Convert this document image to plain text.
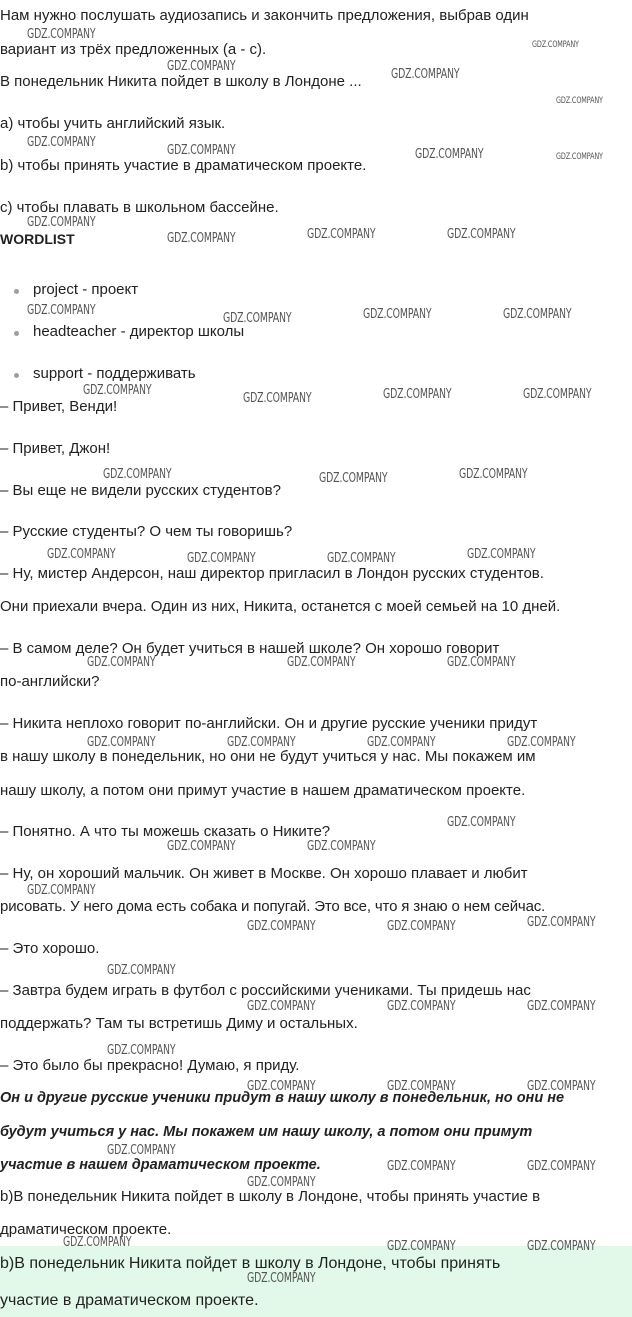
Нам нужно послушать аудиозапись и закончить предложения, выбрав один
вариант из трёх предложенных (а - с).
В понедельник Никита пойдет в школу в Лондоне ...
a) чтобы учить английский язык.
b) чтобы принять участие в драматическом проекте.
c) чтобы плавать в школьном бассейне.
WORDLIST
project - проект
headteacher - директор школы
support - поддерживать
– Привет, Венди!
– Привет, Джон!
– Вы еще не видели русских студентов?
– Русские студенты? О чем ты говоришь?
– Ну, мистер Андерсон, наш директор пригласил в Лондон русских студентов.
Они приехали вчера. Один из них, Никита, останется с моей семьей на 10 дней.
– В самом деле? Он будет учиться в нашей школе? Он хорошо говорит
по-английски?
– Никита неплохо говорит по-английски. Он и другие русские ученики придут
в нашу школу в понедельник, но они не будут учиться у нас. Мы покажем им
нашу школу, а потом они примут участие в нашем драматическом проекте.
– Понятно. А что ты можешь сказать о Никите?
– Ну, он хороший мальчик. Он живет в Москве. Он хорошо плавает и любит
рисовать. У него дома есть собака и попугай. Это все, что я знаю о нем сейчас.
– Это хорошо.
– Завтра будем играть в футбол с российскими учениками. Ты придешь нас
поддержать? Там ты встретишь Диму и остальных.
– Это было бы прекрасно! Думаю, я приду.
Он и другие русские ученики придут в нашу школу в понедельник, но они не
будут учиться у нас. Мы покажем им нашу школу, а потом они примут
участие в нашем драматическом проекте.
b)В понедельник Никита пойдет в школу в Лондоне, чтобы принять участие в
драматическом проекте.
b)В понедельник Никита пойдет в школу в Лондоне, чтобы принять
участие в драматическом проекте.
GDZ.COMPANY
GDZ.COMPANY
GDZ.COMPANY
GDZ.COMPANY
GDZ.COMPANY
GDZ.COMPANY
GDZ.COMPANY	GDZ.COMPANY	GDZ.COMPANY
GDZ.COMPANY
GDZ.COMPANY	GDZ.COMPANY	GDZ.COMPANY
GDZ.COMPANY
GDZ.COMPANY	GDZ.COMPANY	GDZ.COMPANY
GDZ.COMPANY
GDZ.COMPANY	GDZ.COMPANY	GDZ.COMPANY
GDZ.COMPANY	GDZ.COMPANY	GDZ.COMPANY
GDZ.COMPANY	GDZ.COMPANY	GDZ.COMPANY	GDZ.COMPANY
GDZ.COMPANY	GDZ.COMPANY	GDZ.COMPANY
GDZ.COMPANY	GDZ.COMPANY	GDZ.COMPANY	GDZ.COMPANY
GDZ.COMPANY
GDZ.COMPANY	GDZ.COMPANY
GDZ.COMPANY
GDZ.COMPANY	GDZ.COMPANY	GDZ.COMPANY
GDZ.COMPANY
GDZ.COMPANY	GDZ.COMPANY	GDZ.COMPANY
GDZ.COMPANY
GDZ.COMPANY	GDZ.COMPANY	GDZ.COMPANY
GDZ.COMPANY
GDZ.COMPANY	GDZ.COMPANY
GDZ.COMPANY
GDZ.COMPANY	GDZ.COMPANY	GDZ.COMPANY
GDZ.COMPANY
